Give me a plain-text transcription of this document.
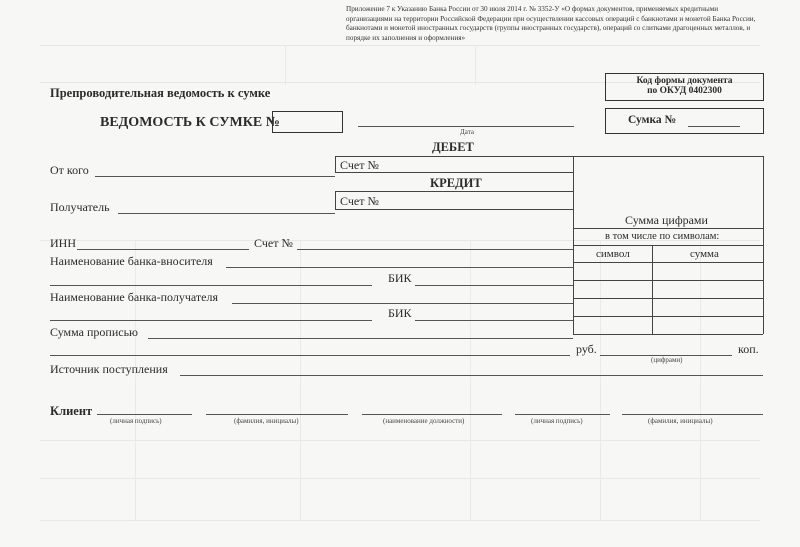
Приложение 7 к Указанию Банка России от 30 июля 2014 г. № 3352-У «О формах документов, применяемых кредитными организациями на территории Российской Федерации при осуществлении кассовых операций с банкнотами и монетой Банка России, банкнотами и монетой иностранных государств (группы иностранных государств), операций со слитками драгоценных металлов, и порядке их заполнения и оформления»
Код формы документа
по ОКУД 0402300
Препроводительная ведомость к сумке
ВЕДОМОСТЬ К СУМКЕ №
Дата
Сумка №
ДЕБЕТ
От кого	Счет №
КРЕДИТ
Счет №
Получатель
Сумма цифрами
в том числе по символам:
символ	сумма
ИНН	Счет №
Наименование банка-вносителя
БИК
Наименование банка-получателя
БИК
Сумма прописью
руб.	коп.
(цифрами)
Источник поступления
Клиент
(личная подпись)	(фамилия, инициалы)	(наименование должности)	(личная подпись)	(фамилия, инициалы)
